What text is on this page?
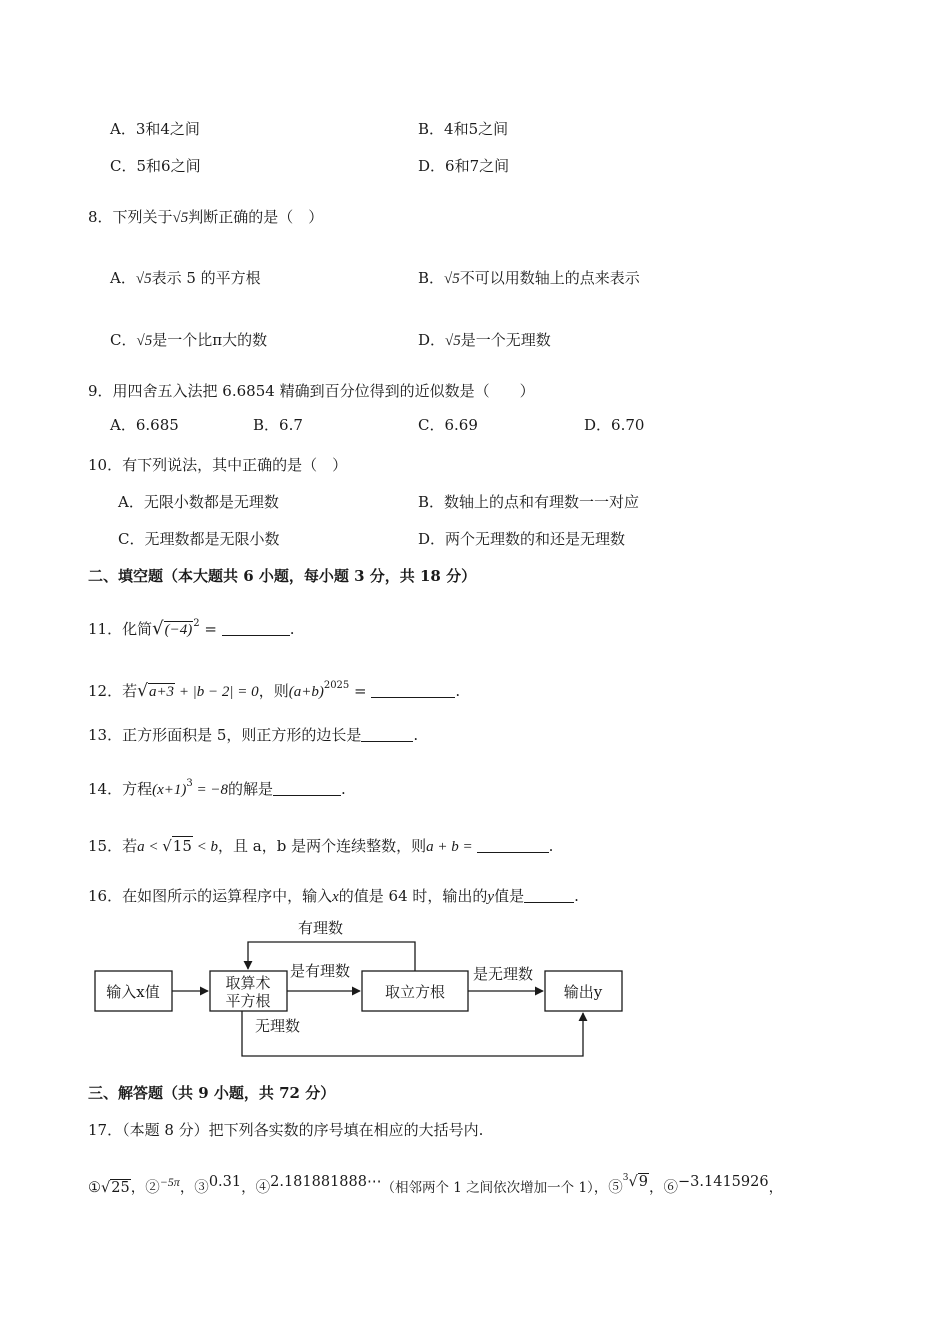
A．3和4之间	B．4和5之间
C．5和6之间	D．6和7之间
8．下列关于√5判断正确的是（　）
A．√5表示 5 的平方根	B．√5不可以用数轴上的点来表示
C．√5是一个比π大的数	D．√5是一个无理数
9．用四舍五入法把 6.6854 精确到百分位得到的近似数是（　　）
A．6.685	B．6.7	C．6.69	D．6.70
10．有下列说法，其中正确的是（　）
A．无限小数都是无理数	B．数轴上的点和有理数一一对应
C．无理数都是无限小数	D．两个无理数的和还是无理数
二、填空题（本大题共 6 小题，每小题 3 分，共 18 分）
11．化简$√(-4)^2$ =	.
12．若√a+3 + |b − 2| = 0，则$(a+b)^{2025}$ =	.
13．正方形面积是 5，则正方形的边长是	.
14．方程$(x+1)^3 = -8$的解是	.
15．若a < √15 < b，且 a，b 是两个连续整数，则a + b =	.
16．在如图所示的运算程序中，输入x的值是 64 时，输出的y值是	.
输入x值	取算术
平方根	取立方根	输出y
有理数
是有理数	是无理数
无理数
三、解答题（共 9 小题，共 72 分）
17．（本题 8 分）把下列各实数的序号填在相应的大括号内.
①√25，②$^{-5\pi}$，③0.31，④2.181881888⋯（相邻两个 1 之间依次增加一个 1），⑤$^3$√9，⑥−3.1415926，
